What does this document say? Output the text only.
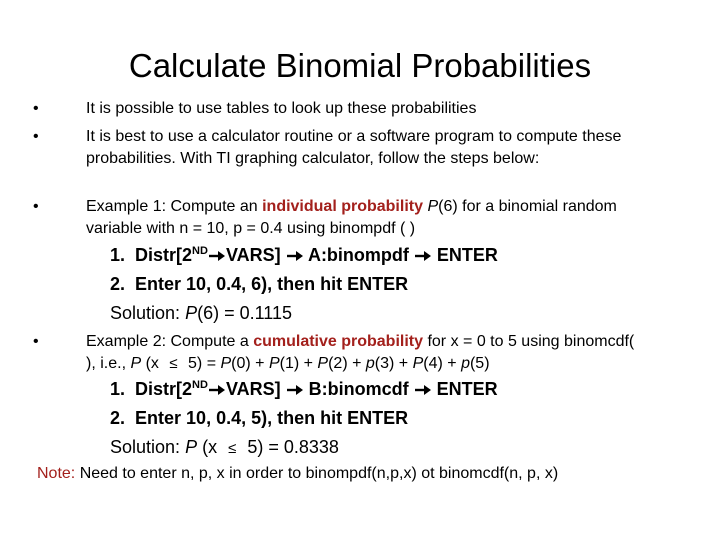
Calculate Binomial Probabilities
•	It is possible to use tables to look up these probabilities
•	It is best to use a calculator routine or a software program to compute these probabilities. With TI graphing calculator, follow the steps below:
•	Example 1: Compute an individual probability P(6) for a binomial random variable with n = 10, p = 0.4 using binompdf ( )
1. Distr[2ND VARS]  A:binompdf  ENTER
2. Enter 10, 0.4, 6), then hit ENTER
Solution: P(6) = 0.1115
•	Example 2: Compute a cumulative probability for x = 0 to 5 using binomcdf( ), i.e., P (x ≤ 5) = P(0) + P(1) + P(2) + p(3) + P(4) + p(5)
1. Distr[2ND VARS]  B:binomcdf  ENTER
2. Enter 10, 0.4, 5), then hit ENTER
Solution: P (x ≤ 5) = 0.8338
Note: Need to enter n, p, x in order to binompdf(n,p,x) ot binomcdf(n, p, x)
